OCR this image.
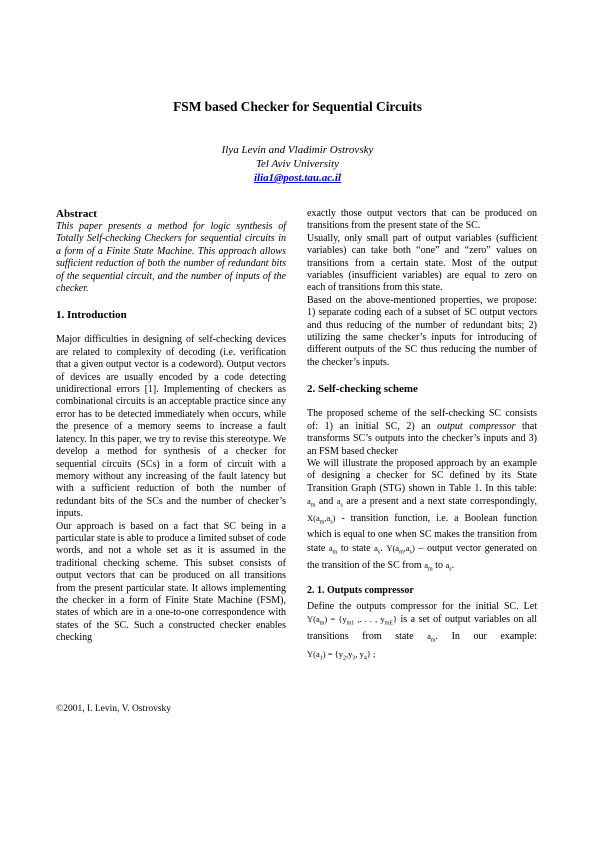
FSM based Checker for Sequential Circuits
Ilya Levin and Vladimir Ostrovsky
Tel Aviv University
ilia1@post.tau.ac.il
Abstract

This paper presents a method for logic synthesis of Totally Self-checking Checkers for sequential circuits in a form of a Finite State Machine. This approach allows sufficient reduction of both the number of redundant bits of the sequential circuit, and the number of inputs of the checker.

1. Introduction

Major difficulties in designing of self-checking devices are related to complexity of decoding (i.e. verification that a given output vector is a codeword). Output vectors of devices are usually encoded by a code detecting unidirectional errors [1]. Implementing of checkers as combinational circuits is an acceptable practice since any error has to be detected immediately when occurs, while the presence of a memory seems to increase a fault latency. In this paper, we try to revise this stereotype. We develop a method for synthesis of a checker for sequential circuits (SCs) in a form of circuit with a memory without any increasing of the fault latency but with a sufficient reduction of both the number of redundant bits of the SCs and the number of checker’s inputs.

Our approach is based on a fact that SC being in a particular state is able to produce a limited subset of code words, and not a whole set as it is assumed in the traditional checking scheme. This subset consists of output vectors that can be produced on all transitions from the present particular state. It allows implementing the checker in a form of Finite State Machine (FSM), states of which are in a one-to-one correspondence with states of the SC. Such a constructed checker enables checking

exactly those output vectors that can be produced on transitions from the present state of the SC.

Usually, only small part of output variables (sufficient variables) can take both “one” and “zero” values on transitions from a certain state. Most of the output variables (insufficient variables) are equal to zero on each of transitions from this state.

Based on the above-mentioned properties, we propose: 1) separate coding each of a subset of SC output vectors and thus reducing of the number of redundant bits; 2) utilizing the same checker’s inputs for introducing of different outputs of the SC thus reducing the number of the checker’s inputs.

2. Self-checking scheme

The proposed scheme of the self-checking SC consists of: 1) an initial SC, 2) an output compressor that transforms SC’s outputs into the checker’s inputs and 3) an FSM based checker

We will illustrate the proposed approach by an example of designing a checker for SC defined by its State Transition Graph (STG) shown in Table 1. In this table: $a_m$ and $a_s$ are a present and a next state correspondingly, $X(a_m,a_s)$ - transition function, i.e. a Boolean function which is equal to one when SC makes the transition from state $a_m$ to state $a_s$. $Y(a_m,a_s)$ – output vector generated on the transition of the SC from $a_m$ to $a_s$.

2. 1. Outputs compressor

Define the outputs compressor for the initial SC. Let $Y(a_m) = \{y_{m1}$ ,. . . , $y_{mE}$} is a set of output variables on all transitions from state $a_m$. In our example: $Y(a_1) = \{y_2,y_3$, $y_4$} ;

©2001, I. Levin, V. Ostrovsky
